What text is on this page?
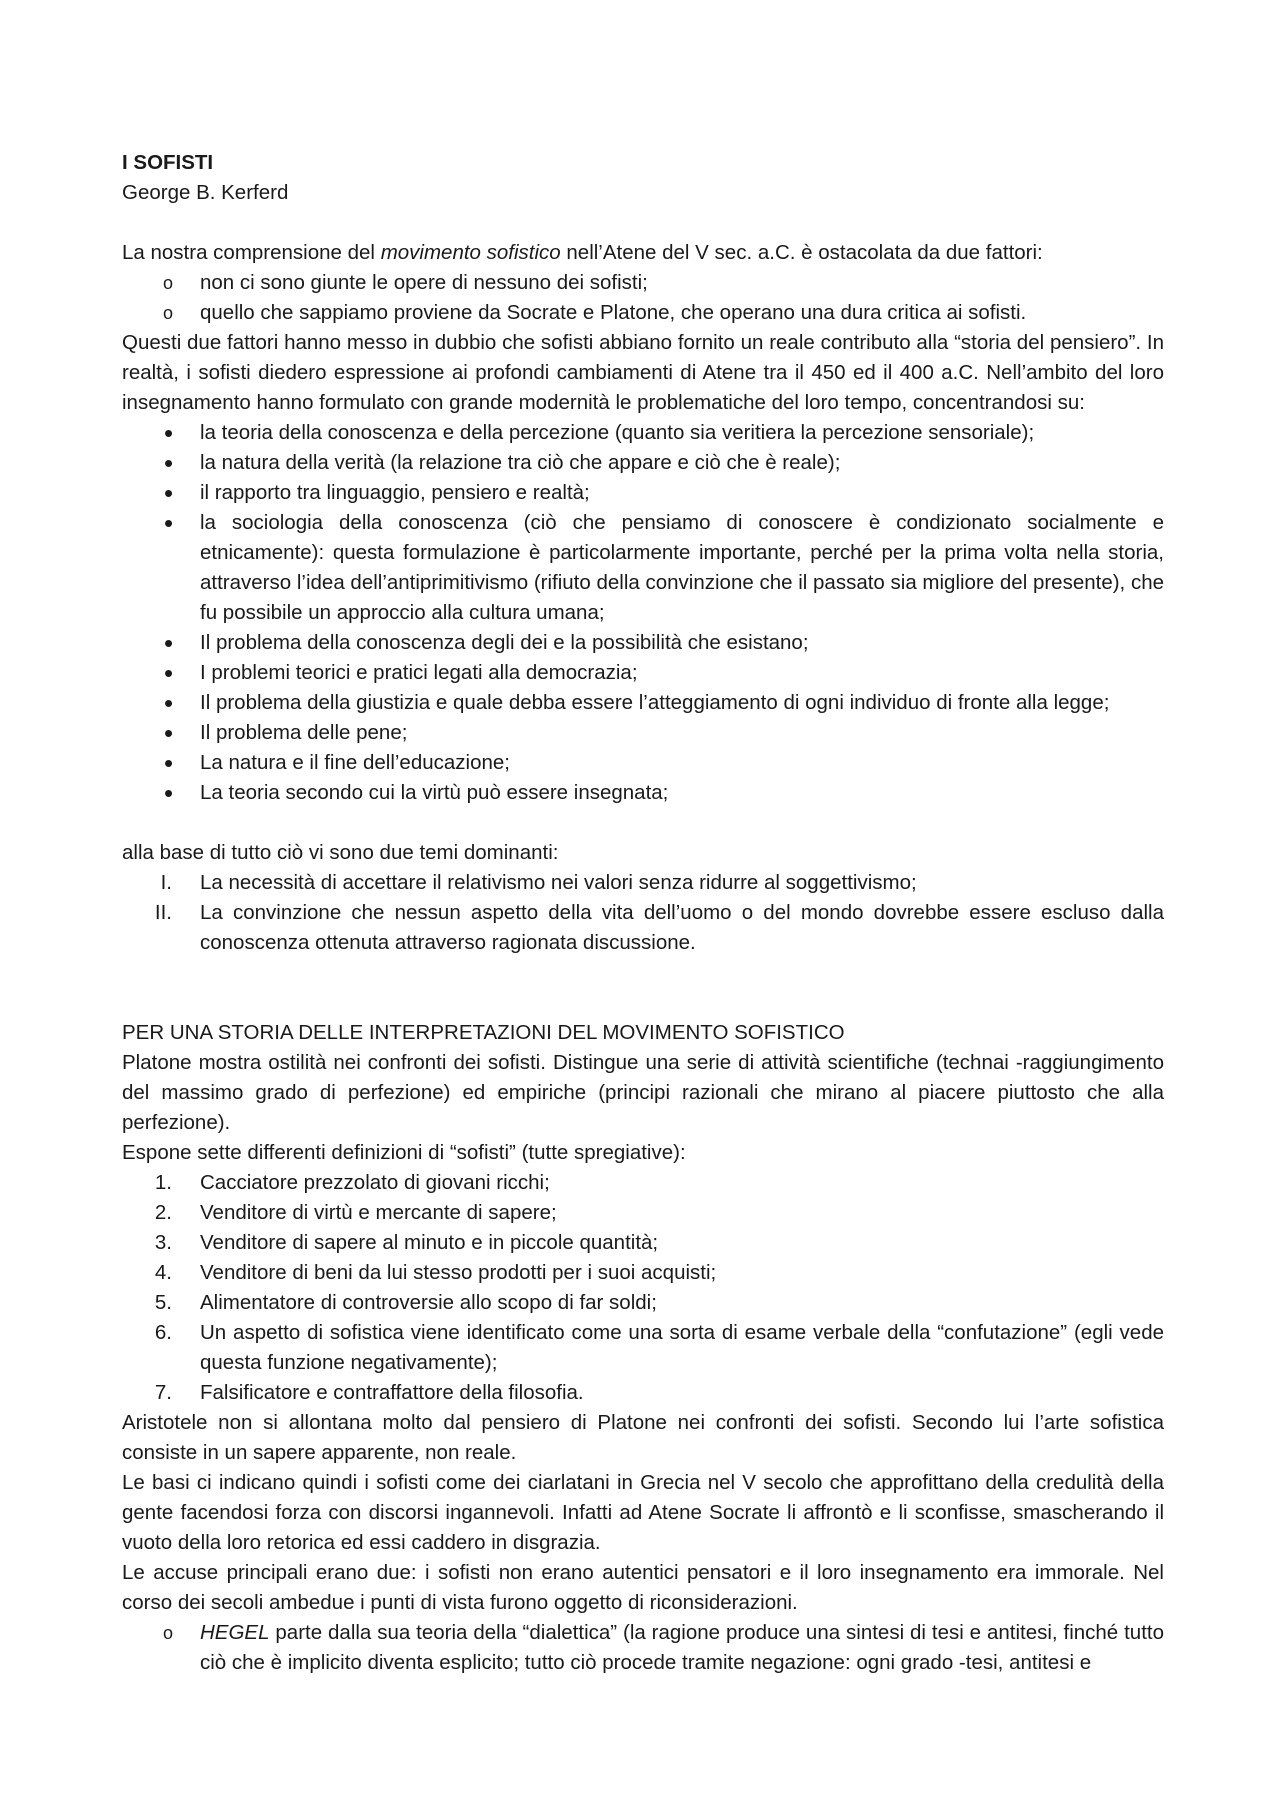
I SOFISTI

George B. Kerferd

La nostra comprensione del movimento sofistico nell’Atene del V sec. a.C. è ostacolata da due fattori:

o non ci sono giunte le opere di nessuno dei sofisti;
o quello che sappiamo proviene da Socrate e Platone, che operano una dura critica ai sofisti.

Questi due fattori hanno messo in dubbio che sofisti abbiano fornito un reale contributo alla “storia del pensiero”. In realtà, i sofisti diedero espressione ai profondi cambiamenti di Atene tra il 450 ed il 400 a.C. Nell’ambito del loro insegnamento hanno formulato con grande modernità le problematiche del loro tempo, concentrandosi su:

• la teoria della conoscenza e della percezione (quanto sia veritiera la percezione sensoriale);
• la natura della verità (la relazione tra ciò che appare e ciò che è reale);
• il rapporto tra linguaggio, pensiero e realtà;
• la sociologia della conoscenza (ciò che pensiamo di conoscere è condizionato socialmente e etnicamente): questa formulazione è particolarmente importante, perché per la prima volta nella storia, attraverso l’idea dell’antiprimitivismo (rifiuto della convinzione che il passato sia migliore del presente), che fu possibile un approccio alla cultura umana;
• Il problema della conoscenza degli dei e la possibilità che esistano;
• I problemi teorici e pratici legati alla democrazia;
• Il problema della giustizia e quale debba essere l’atteggiamento di ogni individuo di fronte alla legge;
• Il problema delle pene;
• La natura e il fine dell’educazione;
• La teoria secondo cui la virtù può essere insegnata;

alla base di tutto ciò vi sono due temi dominanti:

I. La necessità di accettare il relativismo nei valori senza ridurre al soggettivismo;
II. La convinzione che nessun aspetto della vita dell’uomo o del mondo dovrebbe essere escluso dalla conoscenza ottenuta attraverso ragionata discussione.

PER UNA STORIA DELLE INTERPRETAZIONI DEL MOVIMENTO SOFISTICO

Platone mostra ostilità nei confronti dei sofisti. Distingue una serie di attività scientifiche (technai -raggiungimento del massimo grado di perfezione) ed empiriche (principi razionali che mirano al piacere piuttosto che alla perfezione).

Espone sette differenti definizioni di “sofisti” (tutte spregiative):

1. Cacciatore prezzolato di giovani ricchi;
2. Venditore di virtù e mercante di sapere;
3. Venditore di sapere al minuto e in piccole quantità;
4. Venditore di beni da lui stesso prodotti per i suoi acquisti;
5. Alimentatore di controversie allo scopo di far soldi;
6. Un aspetto di sofistica viene identificato come una sorta di esame verbale della “confutazione” (egli vede questa funzione negativamente);
7. Falsificatore e contraffattore della filosofia.

Aristotele non si allontana molto dal pensiero di Platone nei confronti dei sofisti. Secondo lui l’arte sofistica consiste in un sapere apparente, non reale.

Le basi ci indicano quindi i sofisti come dei ciarlatani in Grecia nel V secolo che approfittano della credulità della gente facendosi forza con discorsi ingannevoli. Infatti ad Atene Socrate li affrontò e li sconfisse, smascherando il vuoto della loro retorica ed essi caddero in disgrazia.

Le accuse principali erano due: i sofisti non erano autentici pensatori e il loro insegnamento era immorale. Nel corso dei secoli ambedue i punti di vista furono oggetto di riconsiderazioni.

o HEGEL parte dalla sua teoria della “dialettica” (la ragione produce una sintesi di tesi e antitesi, finché tutto ciò che è implicito diventa esplicito; tutto ciò procede tramite negazione: ogni grado -tesi, antitesi e
